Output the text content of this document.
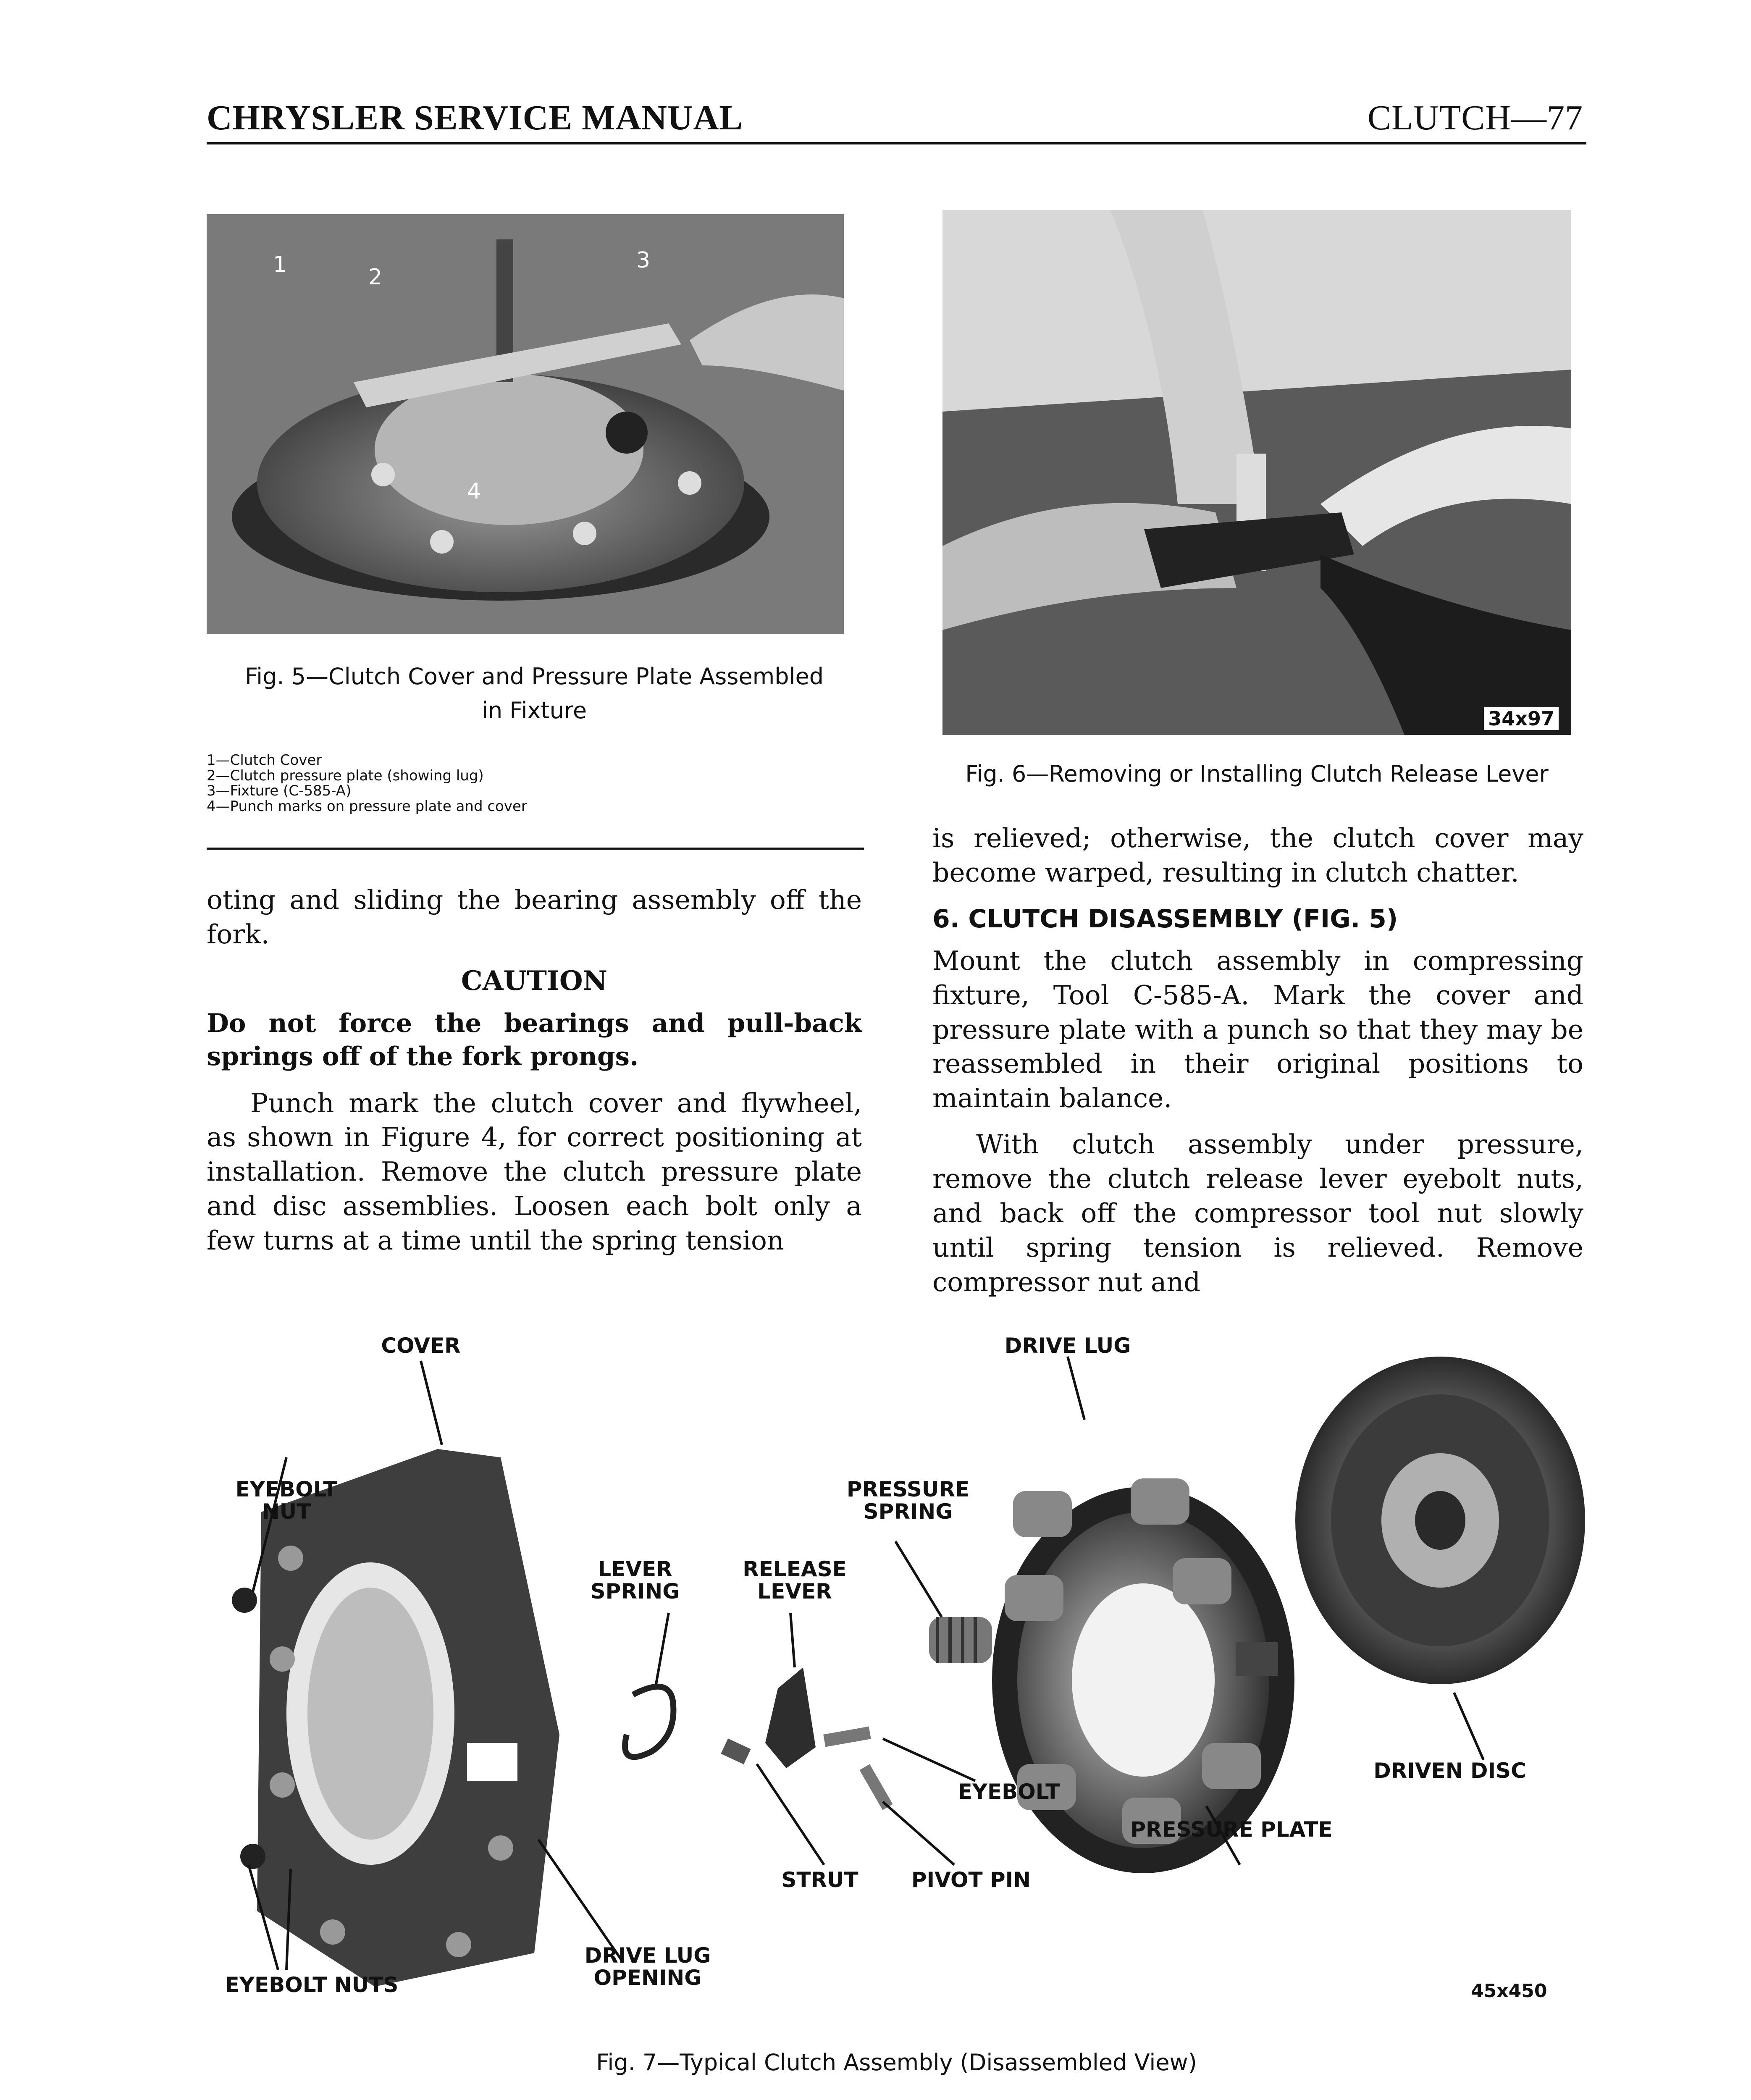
CHRYSLER SERVICE MANUAL	CLUTCH—77
1	2
3
4
Fig. 5—Clutch Cover and Pressure Plate Assembled
in Fixture
1—Clutch Cover
2—Clutch pressure plate (showing lug)
3—Fixture (C-585-A)
4—Punch marks on pressure plate and cover
34x97
Fig. 6—Removing or Installing Clutch Release Lever

oting and sliding the bearing assembly off the fork.

CAUTION

Do not force the bearings and pull-back springs off of the fork prongs.

Punch mark the clutch cover and flywheel, as shown in Figure 4, for correct positioning at installation. Remove the clutch pressure plate and disc assemblies. Loosen each bolt only a few turns at a time until the spring tension

is relieved; otherwise, the clutch cover may become warped, resulting in clutch chatter.

6. CLUTCH DISASSEMBLY (FIG. 5)

Mount the clutch assembly in compressing fixture, Tool C-585-A. Mark the cover and pressure plate with a punch so that they may be reassembled in their original positions to maintain balance.

With clutch assembly under pressure, remove the clutch release lever eyebolt nuts, and back off the compressor tool nut slowly until spring tension is relieved. Remove compressor nut and

COVER
EYEBOLT NUT
LEVER SPRING
RELEASE LEVER
PRESSURE SPRING
DRIVE LUG
DRIVEN DISC
EYEBOLT
STRUT	PIVOT PIN
PRESSURE PLATE
EYEBOLT NUTS
DRIVE LUG OPENING
45x450
Fig. 7—Typical Clutch Assembly (Disassembled View)
